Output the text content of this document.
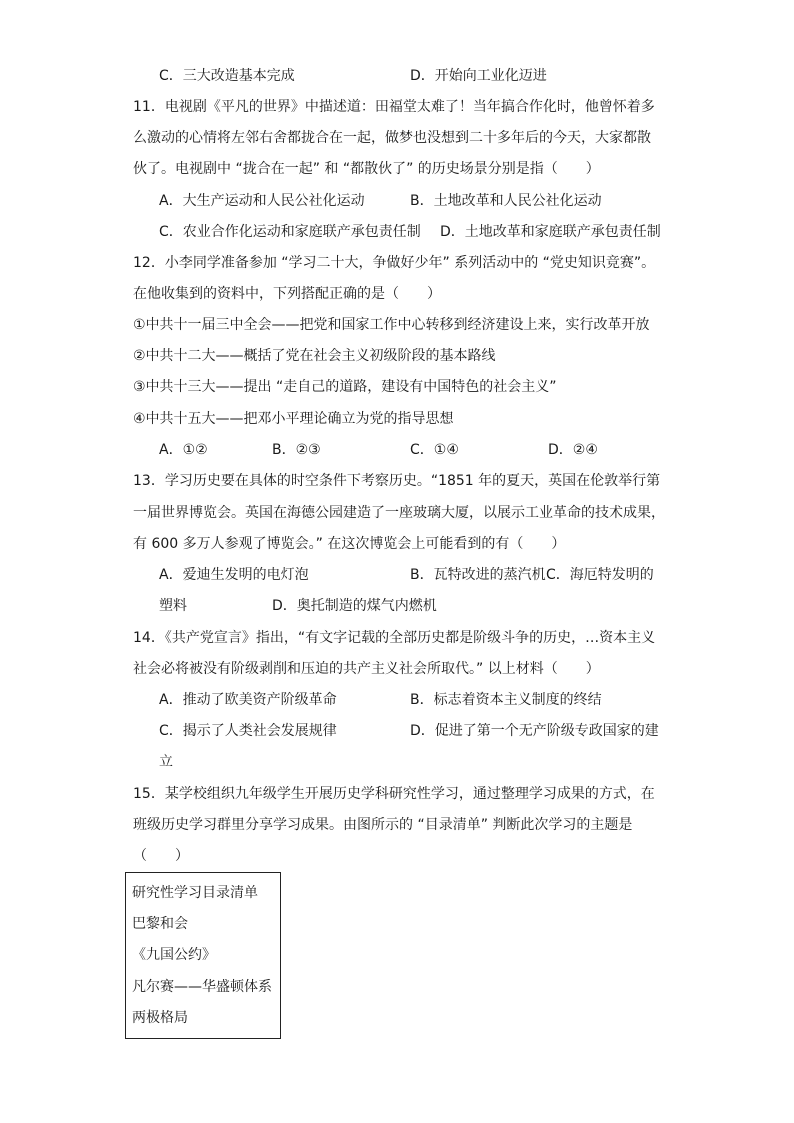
C．三大改造基本完成	D．开始向工业化迈进
11．电视剧《平凡的世界》中描述道：田福堂太难了！当年搞合作化时，他曾怀着多
么激动的心情将左邻右舍都拢合在一起，做梦也没想到二十多年后的今天，大家都散
伙了。电视剧中 “拢合在一起” 和 “都散伙了” 的历史场景分别是指（　　）
A．大生产运动和人民公社化运动	B．土地改革和人民公社化运动
C．农业合作化运动和家庭联产承包责任制 D．土地改革和家庭联产承包责任制
12．小李同学准备参加 “学习二十大，争做好少年” 系列活动中的 “党史知识竞赛”。
在他收集到的资料中，下列搭配正确的是（　　）
①中共十一届三中全会——把党和国家工作中心转移到经济建设上来，实行改革开放
②中共十二大——概括了党在社会主义初级阶段的基本路线
③中共十三大——提出 “走自己的道路，建设有中国特色的社会主义”
④中共十五大——把邓小平理论确立为党的指导思想
A．①②	B．②③	C．①④	D．②④
13．学习历史要在具体的时空条件下考察历史。“1851 年的夏天，英国在伦敦举行第
一届世界博览会。英国在海德公园建造了一座玻璃大厦，以展示工业革命的技术成果，
有 600 多万人参观了博览会。” 在这次博览会上可能看到的有（　　）
A．爱迪生发明的电灯泡	B．瓦特改进的蒸汽机 C．海厄特发明的
塑料	D．奥托制造的煤气内燃机
14．《共产党宣言》指出，“有文字记载的全部历史都是阶级斗争的历史，…资本主义
社会必将被没有阶级剥削和压迫的共产主义社会所取代。” 以上材料（　　）
A．推动了欧美资产阶级革命	B．标志着资本主义制度的终结
C．揭示了人类社会发展规律	D．促进了第一个无产阶级专政国家的建
立
15．某学校组织九年级学生开展历史学科研究性学习，通过整理学习成果的方式，在
班级历史学习群里分享学习成果。由图所示的 “目录清单” 判断此次学习的主题是
（　　）
研究性学习目录清单
巴黎和会
《九国公约》
凡尔赛——华盛顿体系
两极格局
